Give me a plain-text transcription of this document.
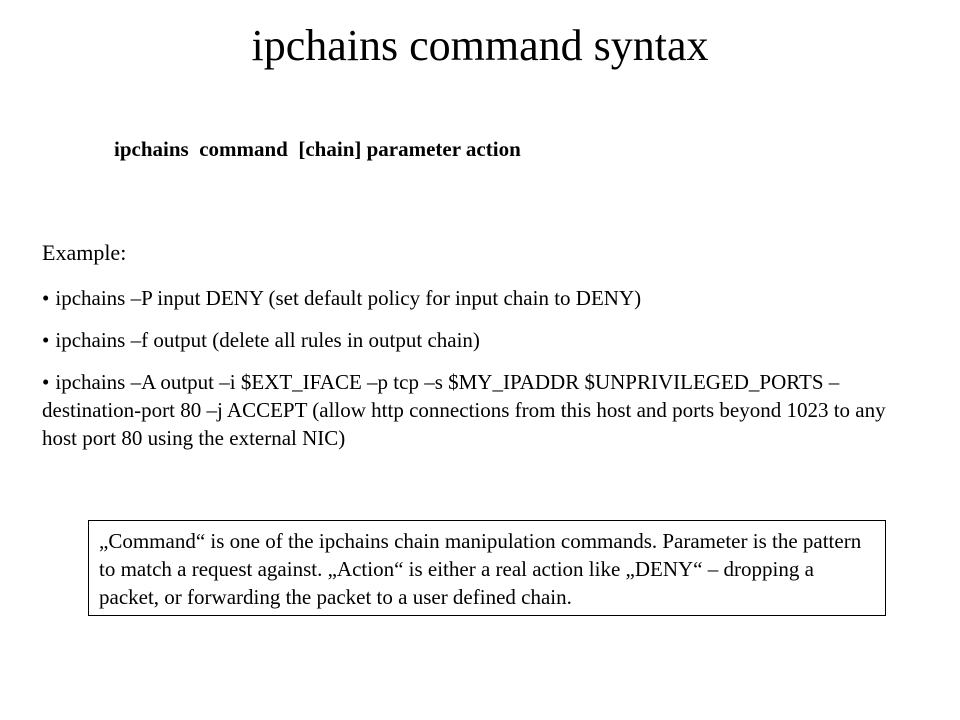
ipchains command syntax
ipchains  command  [chain] parameter action
Example:
• ipchains –P input DENY (set default policy for input chain to DENY)
• ipchains –f output (delete all rules in output chain)
• ipchains –A output –i $EXT_IFACE –p tcp –s $MY_IPADDR $UNPRIVILEGED_PORTS – destination-port 80 –j ACCEPT (allow http connections from this host and ports beyond 1023 to any host port 80 using the external NIC)
„Command“ is one of the ipchains chain manipulation commands. Parameter is the pattern to match a request against. „Action“ is either a real action like „DENY“ – dropping a packet, or forwarding the packet to a user defined chain.
